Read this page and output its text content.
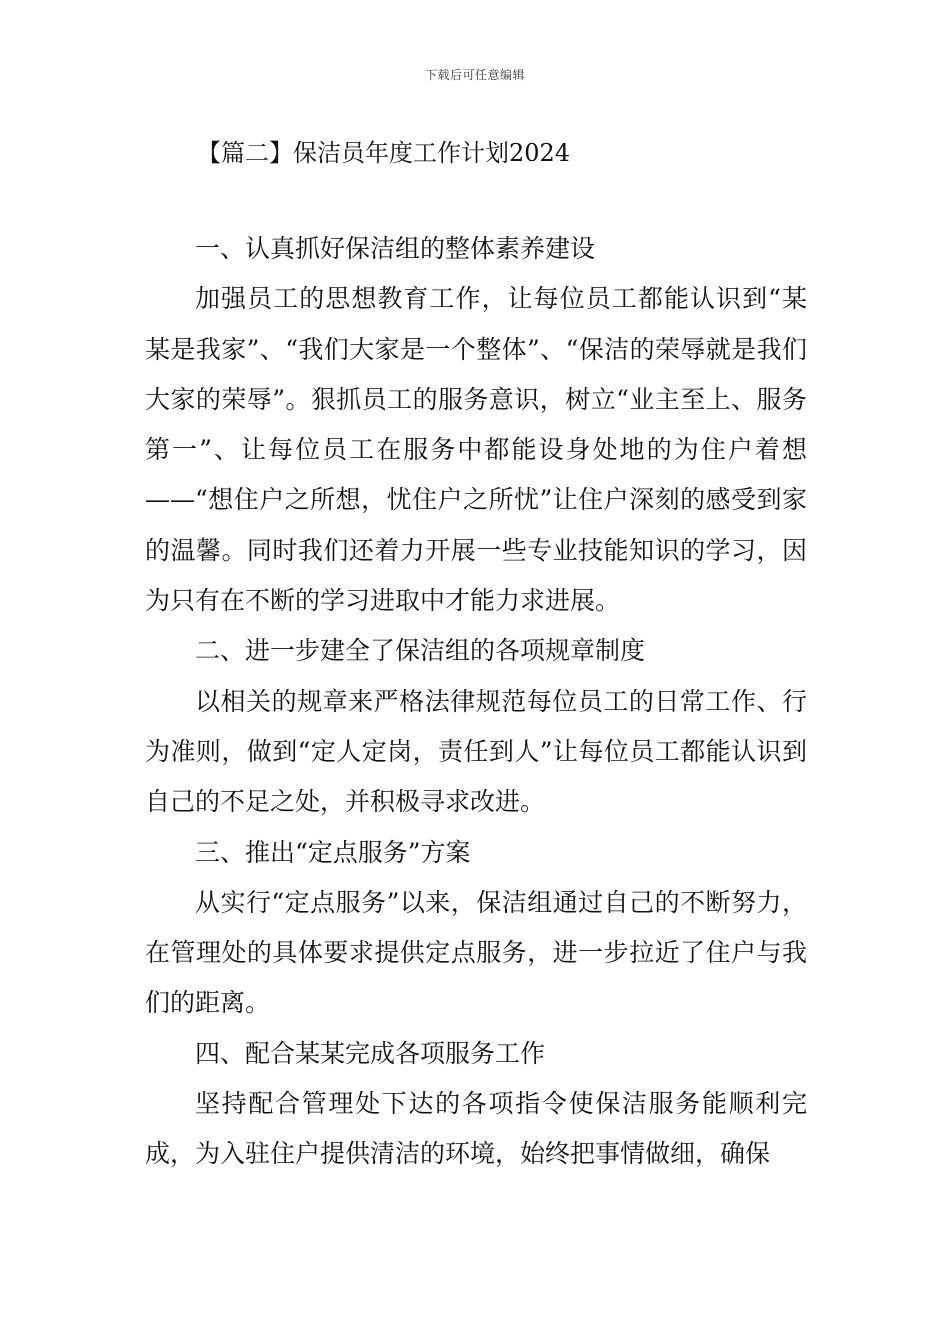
下载后可任意编辑
【篇二】保洁员年度工作计划2024

一、认真抓好保洁组的整体素养建设

加强员工的思想教育工作，让每位员工都能认识到“某某是我家”、“我们大家是一个整体”、“保洁的荣辱就是我们大家的荣辱”。狠抓员工的服务意识，树立“业主至上、服务第一”、让每位员工在服务中都能设身处地的为住户着想——“想住户之所想，忧住户之所忧”让住户深刻的感受到家的温馨。同时我们还着力开展一些专业技能知识的学习，因为只有在不断的学习进取中才能力求进展。

二、进一步建全了保洁组的各项规章制度

以相关的规章来严格法律规范每位员工的日常工作、行为准则，做到“定人定岗，责任到人”让每位员工都能认识到自己的不足之处，并积极寻求改进。

三、推出“定点服务”方案

从实行“定点服务”以来，保洁组通过自己的不断努力，在管理处的具体要求提供定点服务，进一步拉近了住户与我们的距离。

四、配合某某完成各项服务工作

坚持配合管理处下达的各项指令使保洁服务能顺利完成，为入驻住户提供清洁的环境，始终把事情做细，确保
